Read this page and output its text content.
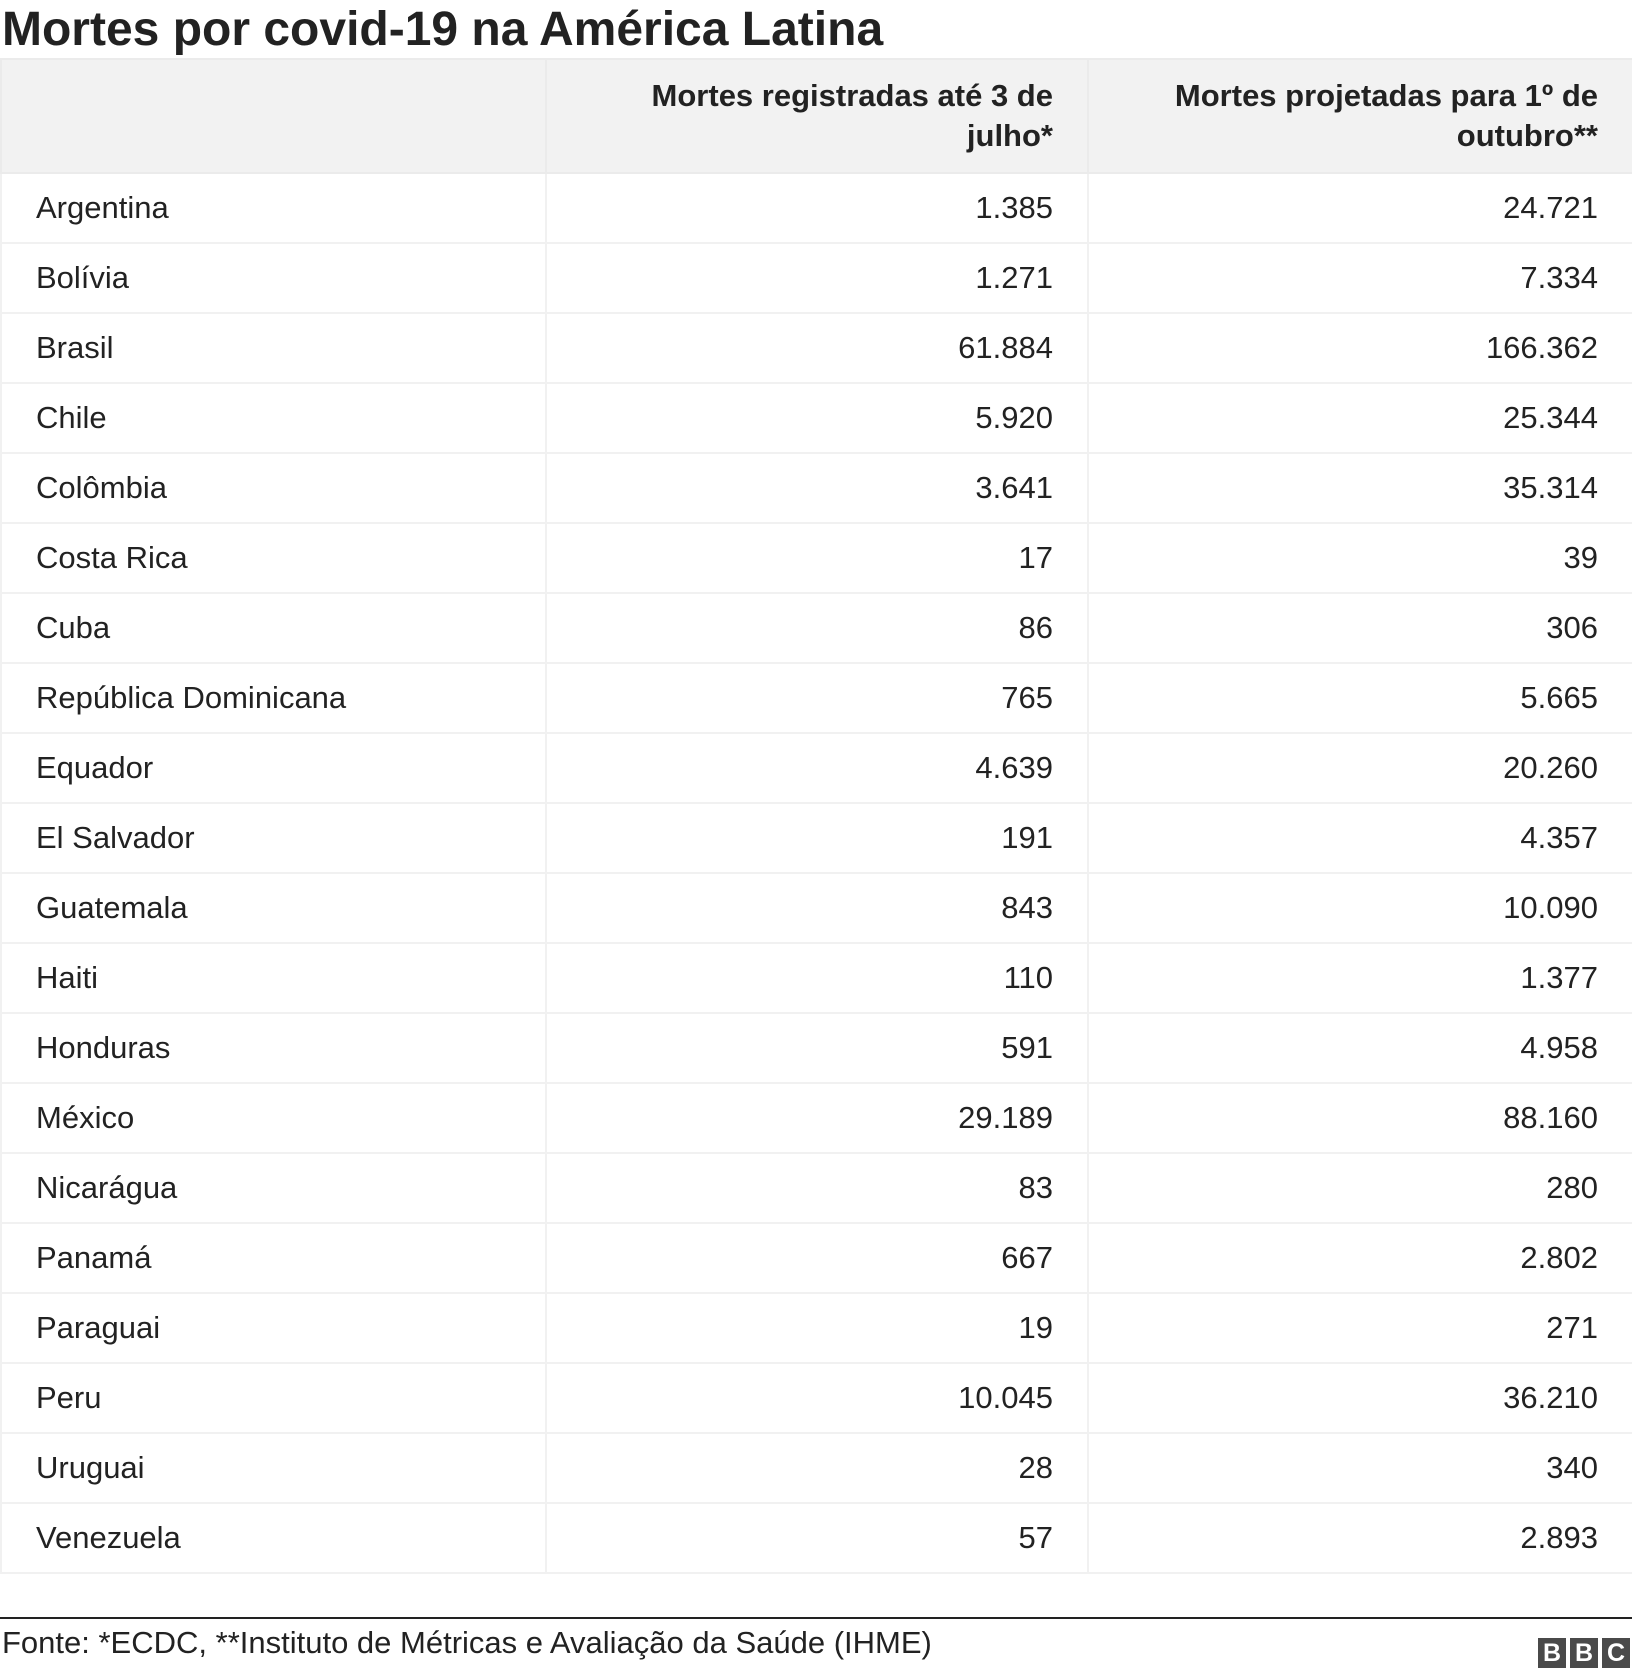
Mortes por covid-19 na América Latina
	Mortes registradas até 3 de julho*	Mortes projetadas para 1º de outubro**
Argentina	1.385	24.721
Bolívia	1.271	7.334
Brasil	61.884	166.362
Chile	5.920	25.344
Colômbia	3.641	35.314
Costa Rica	17	39
Cuba	86	306
República Dominicana	765	5.665
Equador	4.639	20.260
El Salvador	191	4.357
Guatemala	843	10.090
Haiti	110	1.377
Honduras	591	4.958
México	29.189	88.160
Nicarágua	83	280
Panamá	667	2.802
Paraguai	19	271
Peru	10.045	36.210
Uruguai	28	340
Venezuela	57	2.893
Fonte: *ECDC, **Instituto de Métricas e Avaliação da Saúde (IHME)	B B C
